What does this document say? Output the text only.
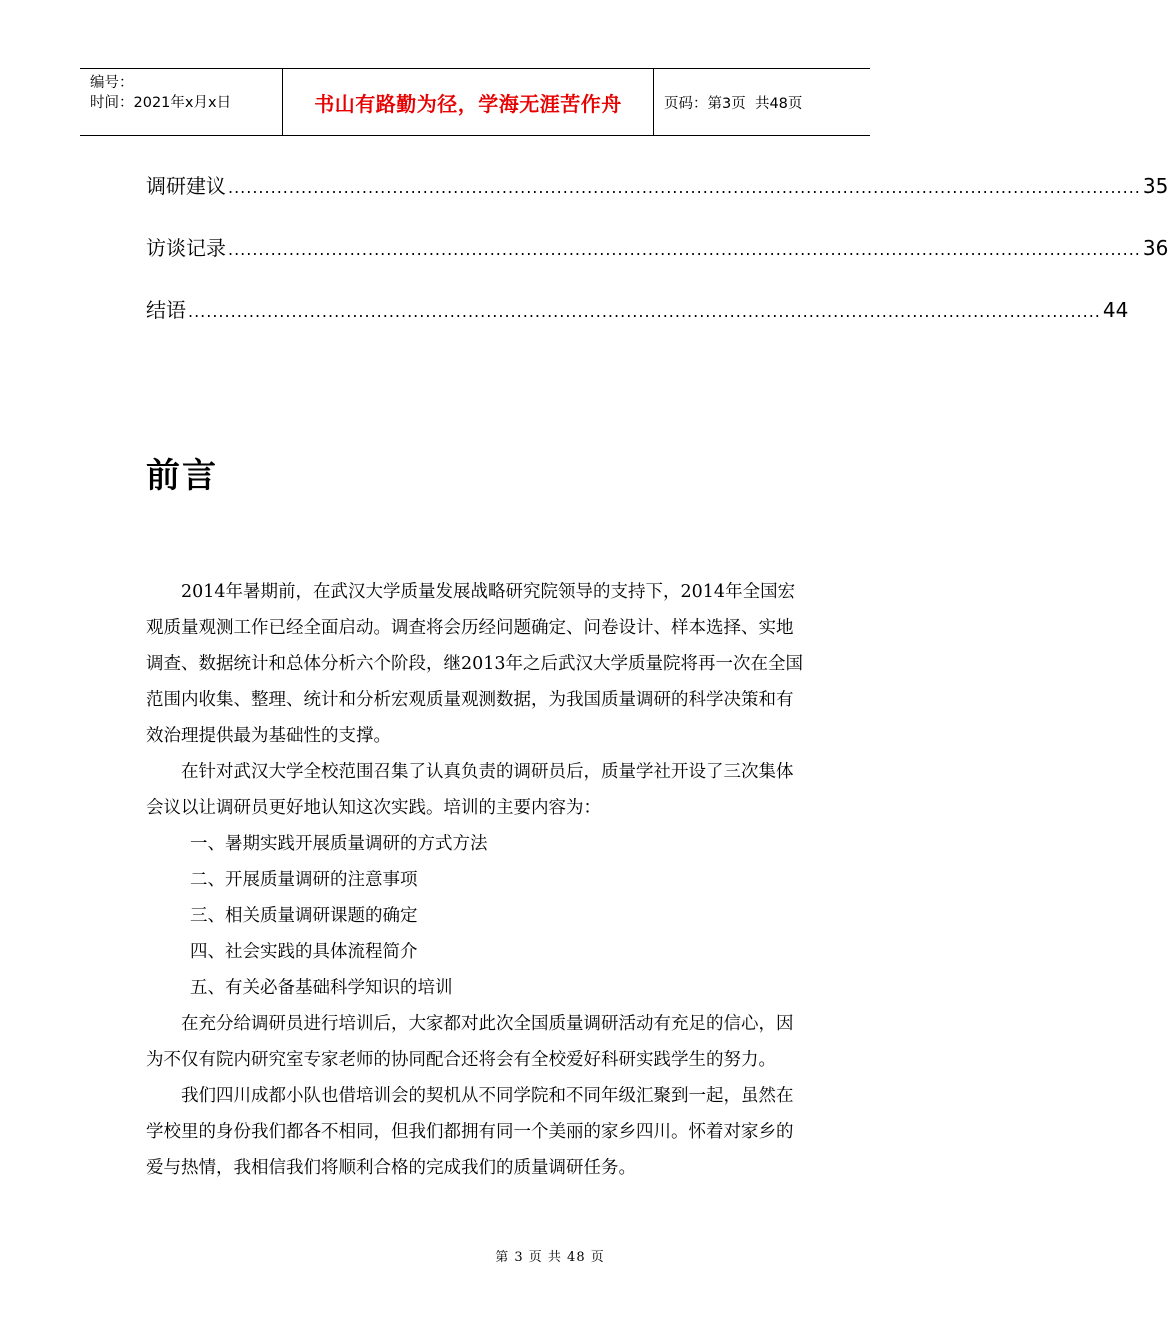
编号：
时间：2021年x月x日	书山有路勤为径，学海无涯苦作舟	页码：第3页  共48页
调研建议 ...................................................................................................................................................... 35
访谈记录 ...................................................................................................................................................... 36
结语 ...................................................................................................................................................... 44
前言

2014年暑期前，在武汉大学质量发展战略研究院领导的支持下，2014年全国宏观质量观测工作已经全面启动。调查将会历经问题确定、问卷设计、样本选择、实地调查、数据统计和总体分析六个阶段，继2013年之后武汉大学质量院将再一次在全国范围内收集、整理、统计和分析宏观质量观测数据，为我国质量调研的科学决策和有效治理提供最为基础性的支撑。

在针对武汉大学全校范围召集了认真负责的调研员后，质量学社开设了三次集体会议以让调研员更好地认知这次实践。培训的主要内容为：

一、暑期实践开展质量调研的方式方法

二、开展质量调研的注意事项

三、相关质量调研课题的确定

四、社会实践的具体流程简介

五、有关必备基础科学知识的培训

在充分给调研员进行培训后，大家都对此次全国质量调研活动有充足的信心，因为不仅有院内研究室专家老师的协同配合还将会有全校爱好科研实践学生的努力。

我们四川成都小队也借培训会的契机从不同学院和不同年级汇聚到一起，虽然在学校里的身份我们都各不相同，但我们都拥有同一个美丽的家乡四川。怀着对家乡的爱与热情，我相信我们将顺利合格的完成我们的质量调研任务。

第 3 页 共 48 页
